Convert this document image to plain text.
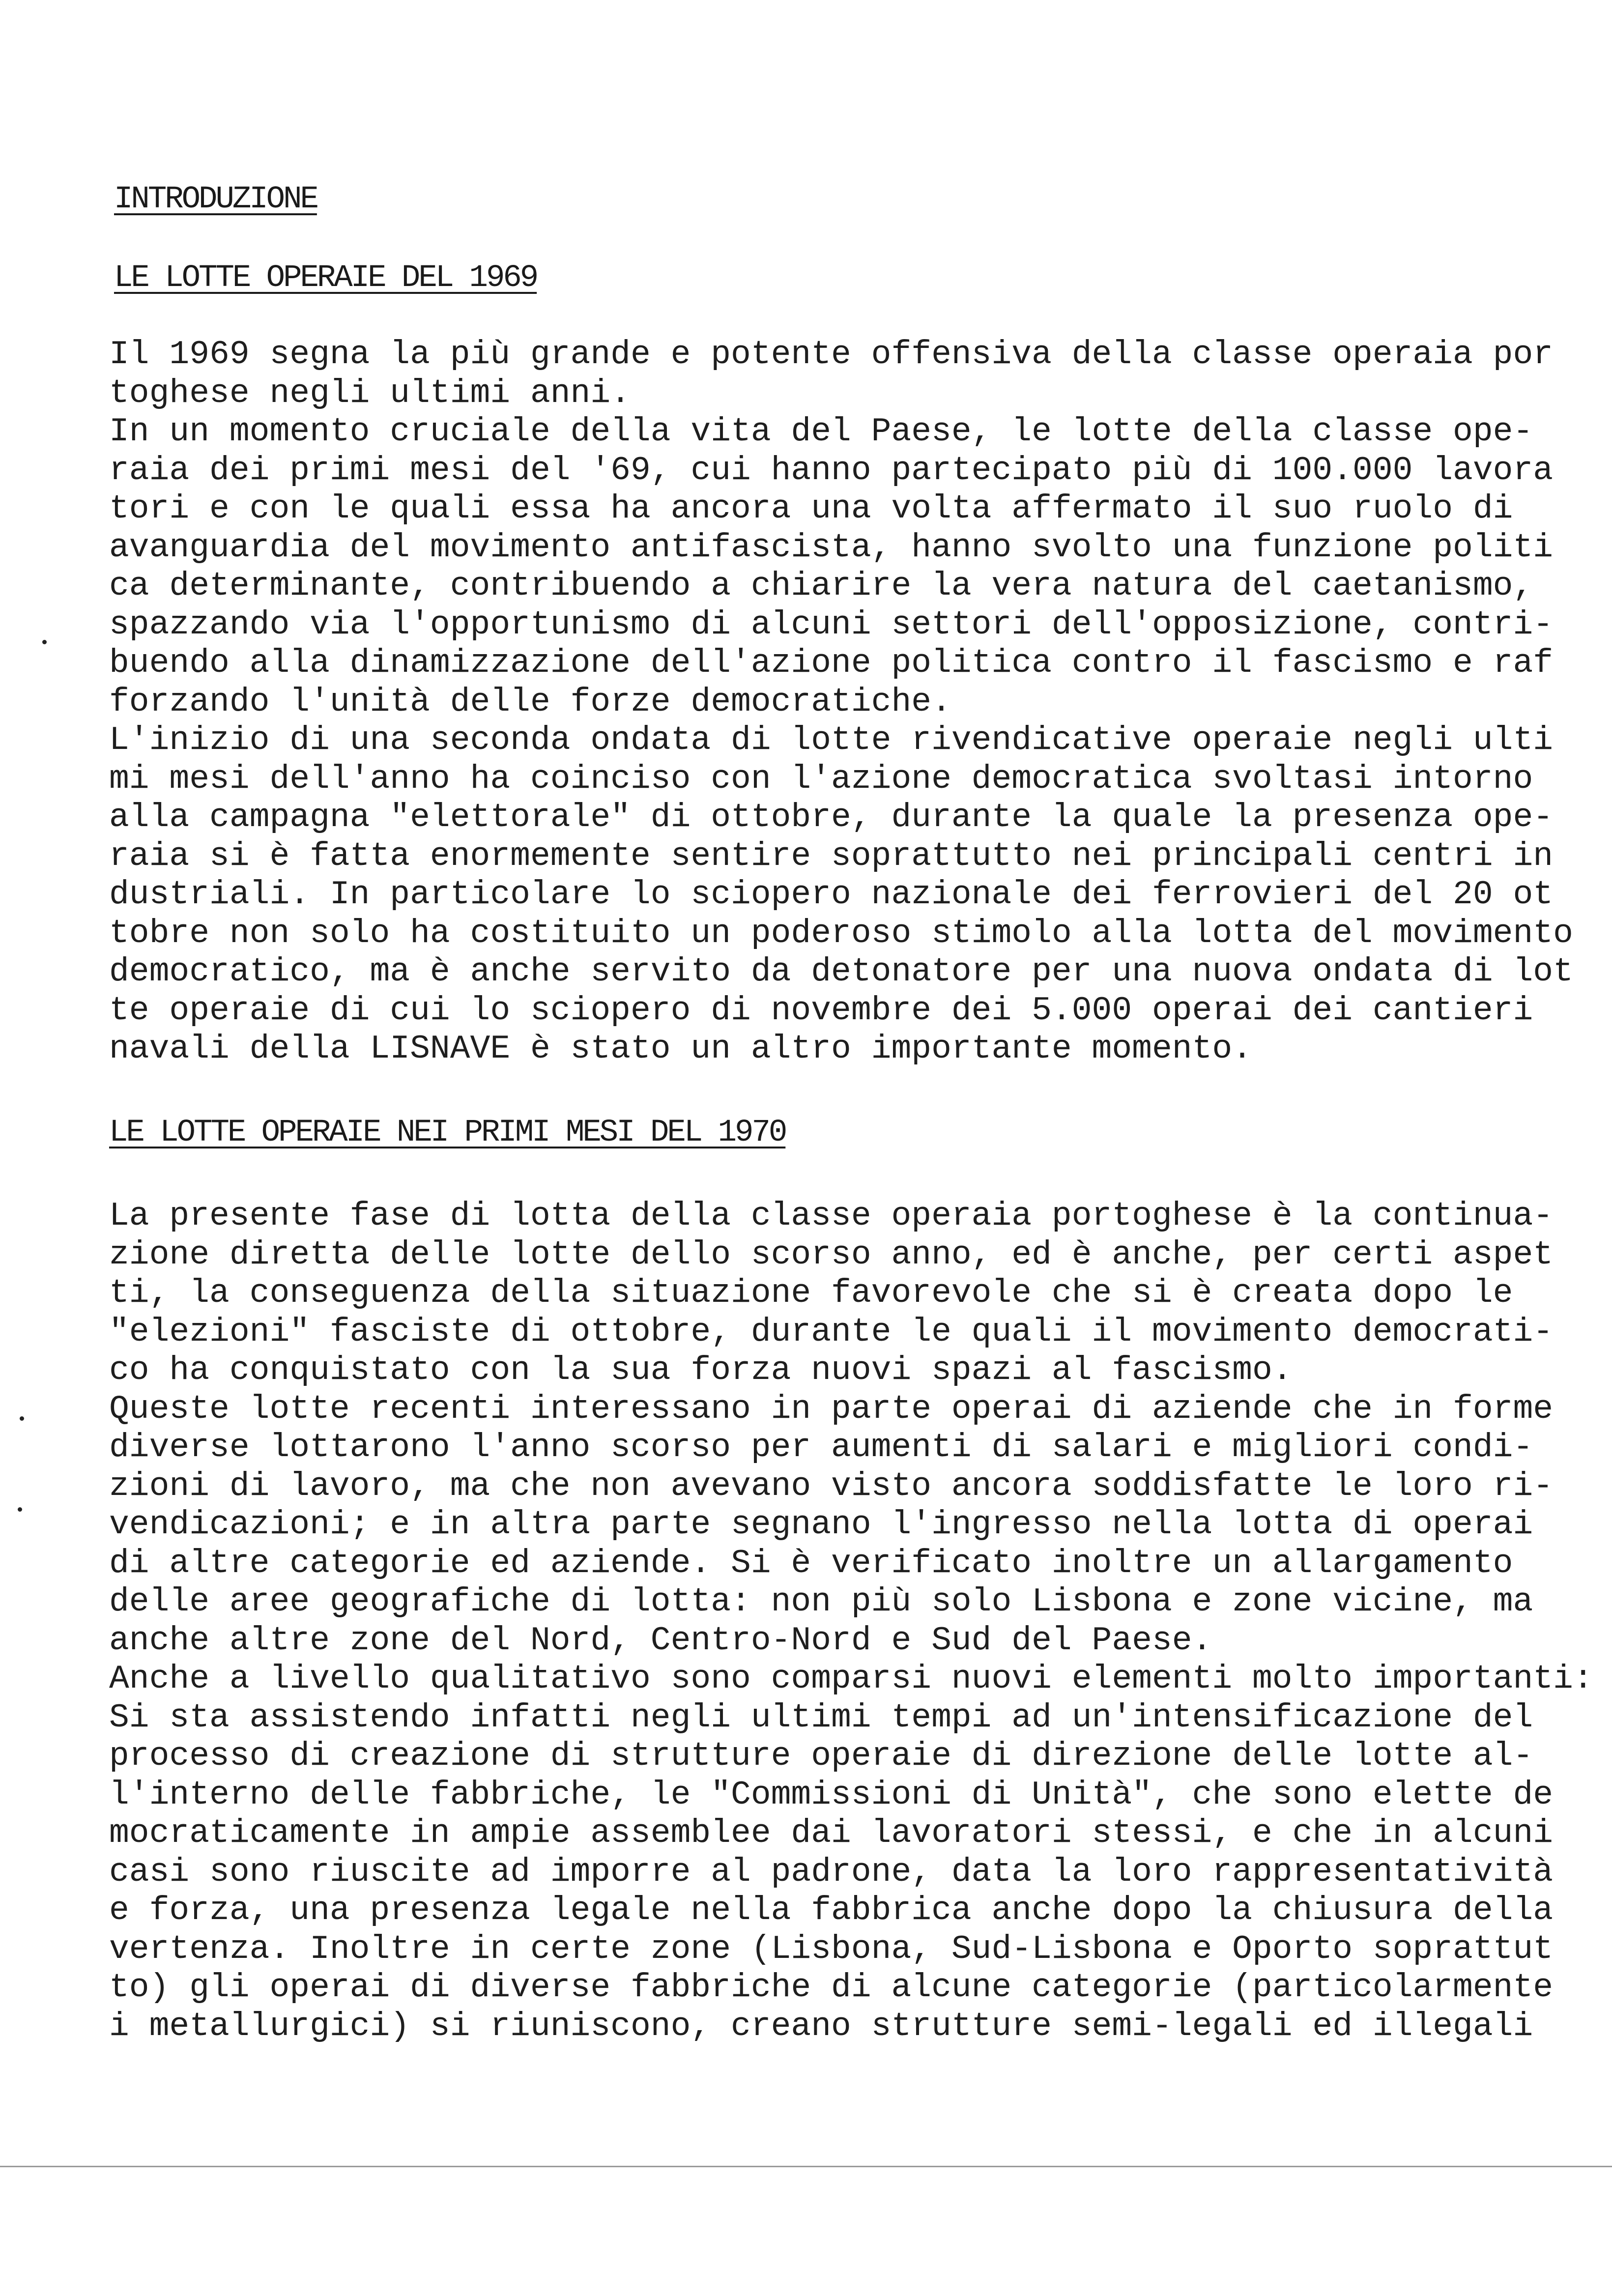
INTRODUZIONE
LE LOTTE OPERAIE DEL 1969
Il 1969 segna la più grande e potente offensiva della classe operaia por
toghese negli ultimi anni.
In un momento cruciale della vita del Paese, le lotte della classe ope-
raia dei primi mesi del '69, cui hanno partecipato più di 100.000 lavora
tori e con le quali essa ha ancora una volta affermato il suo ruolo di
avanguardia del movimento antifascista, hanno svolto una funzione politi
ca determinante, contribuendo a chiarire la vera natura del caetanismo,
spazzando via l'opportunismo di alcuni settori dell'opposizione, contri-
buendo alla dinamizzazione dell'azione politica contro il fascismo e raf
forzando l'unità delle forze democratiche.
L'inizio di una seconda ondata di lotte rivendicative operaie negli ulti
mi mesi dell'anno ha coinciso con l'azione democratica svoltasi intorno
alla campagna "elettorale" di ottobre, durante la quale la presenza ope-
raia si è fatta enormemente sentire soprattutto nei principali centri in
dustriali. In particolare lo sciopero nazionale dei ferrovieri del 20 ot
tobre non solo ha costituito un poderoso stimolo alla lotta del movimento
democratico, ma è anche servito da detonatore per una nuova ondata di lot
te operaie di cui lo sciopero di novembre dei 5.000 operai dei cantieri
navali della LISNAVE è stato un altro importante momento.
LE LOTTE OPERAIE NEI PRIMI MESI DEL 1970
La presente fase di lotta della classe operaia portoghese è la continua-
zione diretta delle lotte dello scorso anno, ed è anche, per certi aspet
ti, la conseguenza della situazione favorevole che si è creata dopo le
"elezioni" fasciste di ottobre, durante le quali il movimento democrati-
co ha conquistato con la sua forza nuovi spazi al fascismo.
Queste lotte recenti interessano in parte operai di aziende che in forme
diverse lottarono l'anno scorso per aumenti di salari e migliori condi-
zioni di lavoro, ma che non avevano visto ancora soddisfatte le loro ri-
vendicazioni; e in altra parte segnano l'ingresso nella lotta di operai
di altre categorie ed aziende. Si è verificato inoltre un allargamento
delle aree geografiche di lotta: non più solo Lisbona e zone vicine, ma
anche altre zone del Nord, Centro-Nord e Sud del Paese.
Anche a livello qualitativo sono comparsi nuovi elementi molto importanti:
Si sta assistendo infatti negli ultimi tempi ad un'intensificazione del
processo di creazione di strutture operaie di direzione delle lotte al-
l'interno delle fabbriche, le "Commissioni di Unità", che sono elette de
mocraticamente in ampie assemblee dai lavoratori stessi, e che in alcuni
casi sono riuscite ad imporre al padrone, data la loro rappresentatività
e forza, una presenza legale nella fabbrica anche dopo la chiusura della
vertenza. Inoltre in certe zone (Lisbona, Sud-Lisbona e Oporto soprattut
to) gli operai di diverse fabbriche di alcune categorie (particolarmente
i metallurgici) si riuniscono, creano strutture semi-legali ed illegali
